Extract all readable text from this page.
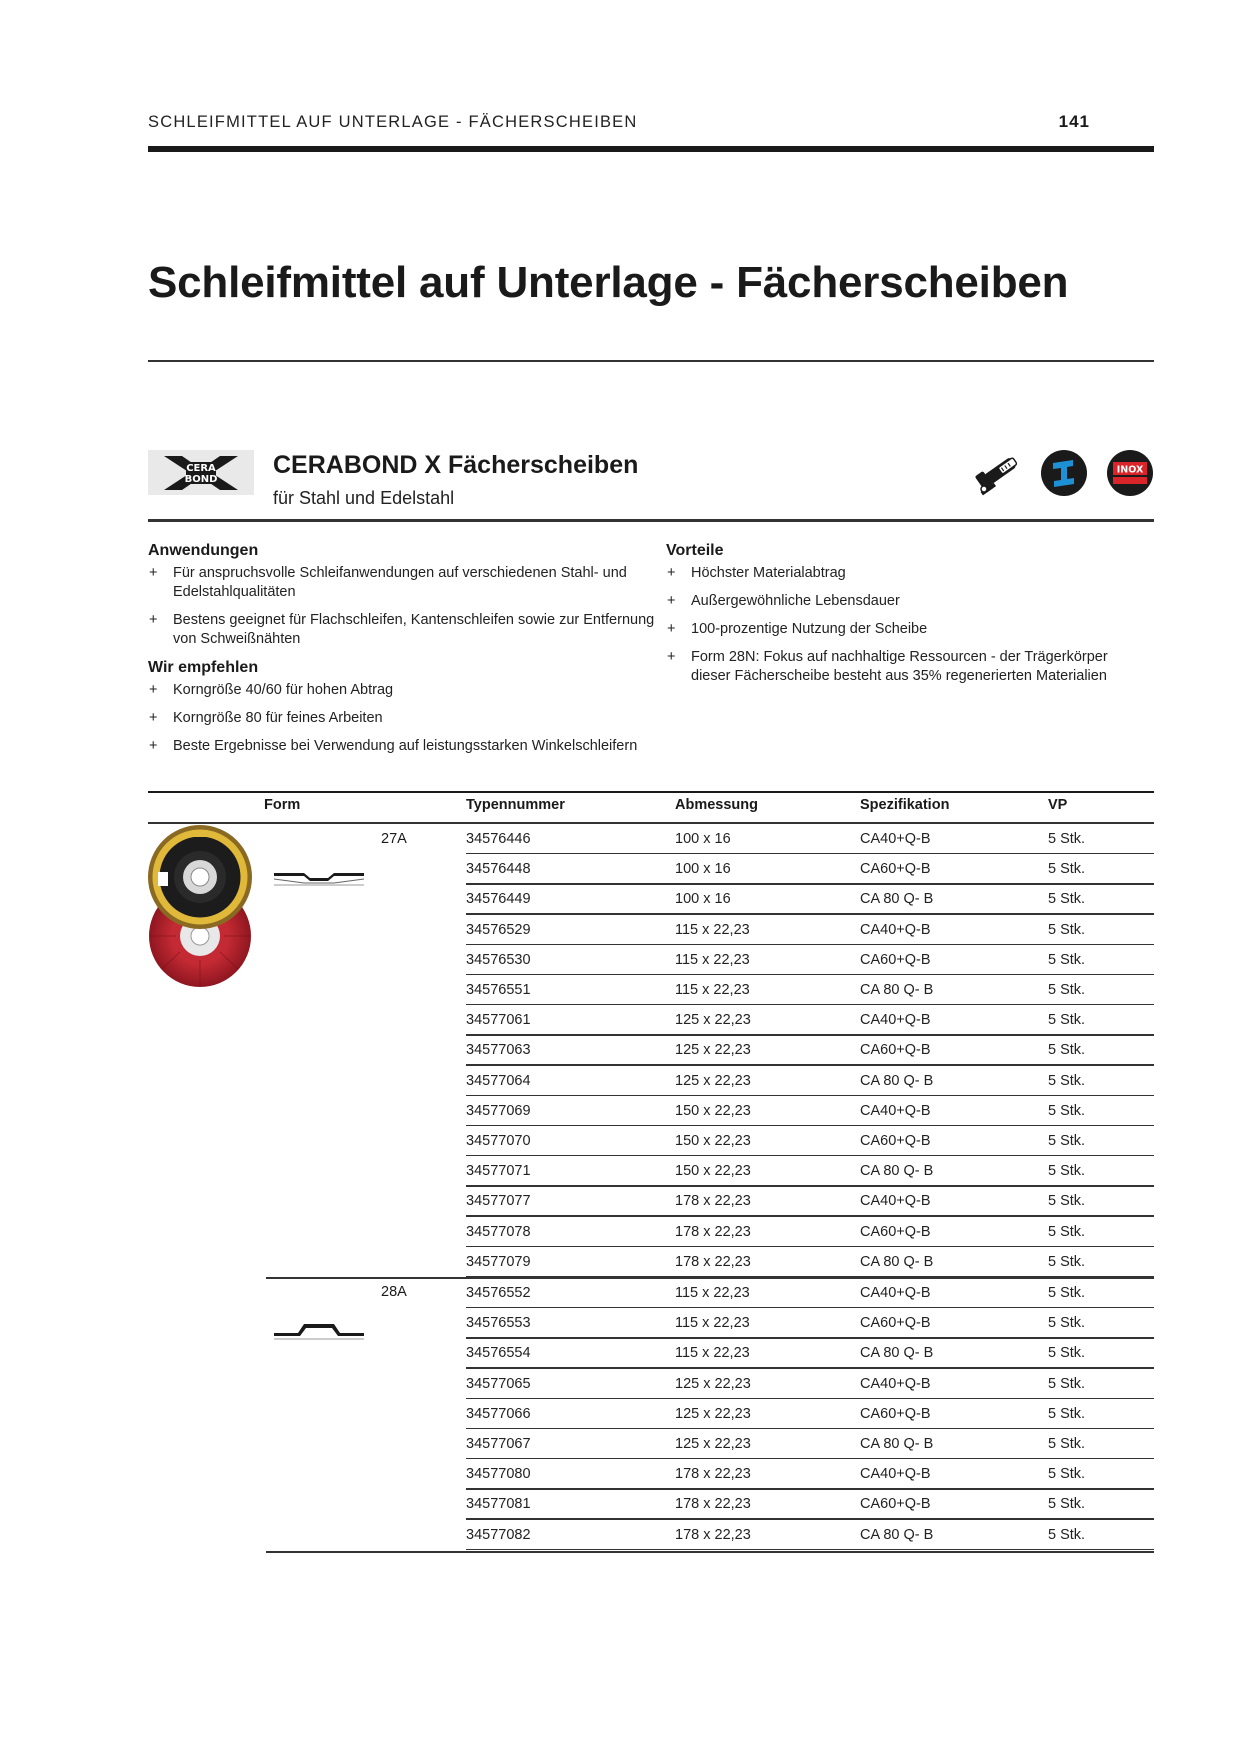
SCHLEIFMITTEL AUF UNTERLAGE - FÄCHERSCHEIBEN	141
Schleifmittel auf Unterlage - Fächerscheiben
CERA
BOND CERABOND X Fächerscheiben
für Stahl und Edelstahl
INOX
Anwendungen
+ Für anspruchsvolle Schleifanwendungen auf verschiedenen Stahl- und Edelstahlqualitäten
+ Bestens geeignet für Flachschleifen, Kantenschleifen sowie zur Entfernung von Schweißnähten
Wir empfehlen
+ Korngröße 40/60 für hohen Abtrag
+ Korngröße 80 für feines Arbeiten
+ Beste Ergebnisse bei Verwendung auf leistungsstarken Winkelschleifern
Vorteile
+ Höchster Materialabtrag
+ Außergewöhnliche Lebensdauer
+ 100-prozentige Nutzung der Scheibe
+ Form 28N: Fokus auf nachhaltige Ressourcen - der Trägerkörper dieser Fächerscheibe besteht aus 35% regenerierten Materialien
Form	Typennummer	Abmessung	Spezifikation	VP
27A	34576446	100 x 16	CA40+Q-B	5 Stk.
34576448	100 x 16	CA60+Q-B	5 Stk.
34576449	100 x 16	CA 80 Q- B	5 Stk.
34576529	115 x 22,23	CA40+Q-B	5 Stk.
34576530	115 x 22,23	CA60+Q-B	5 Stk.
34576551	115 x 22,23	CA 80 Q- B	5 Stk.
34577061	125 x 22,23	CA40+Q-B	5 Stk.
34577063	125 x 22,23	CA60+Q-B	5 Stk.
34577064	125 x 22,23	CA 80 Q- B	5 Stk.
34577069	150 x 22,23	CA40+Q-B	5 Stk.
34577070	150 x 22,23	CA60+Q-B	5 Stk.
34577071	150 x 22,23	CA 80 Q- B	5 Stk.
34577077	178 x 22,23	CA40+Q-B	5 Stk.
34577078	178 x 22,23	CA60+Q-B	5 Stk.
34577079	178 x 22,23	CA 80 Q- B	5 Stk.
28A	34576552	115 x 22,23	CA40+Q-B	5 Stk.
34576553	115 x 22,23	CA60+Q-B	5 Stk.
34576554	115 x 22,23	CA 80 Q- B	5 Stk.
34577065	125 x 22,23	CA40+Q-B	5 Stk.
34577066	125 x 22,23	CA60+Q-B	5 Stk.
34577067	125 x 22,23	CA 80 Q- B	5 Stk.
34577080	178 x 22,23	CA40+Q-B	5 Stk.
34577081	178 x 22,23	CA60+Q-B	5 Stk.
34577082	178 x 22,23	CA 80 Q- B	5 Stk.
